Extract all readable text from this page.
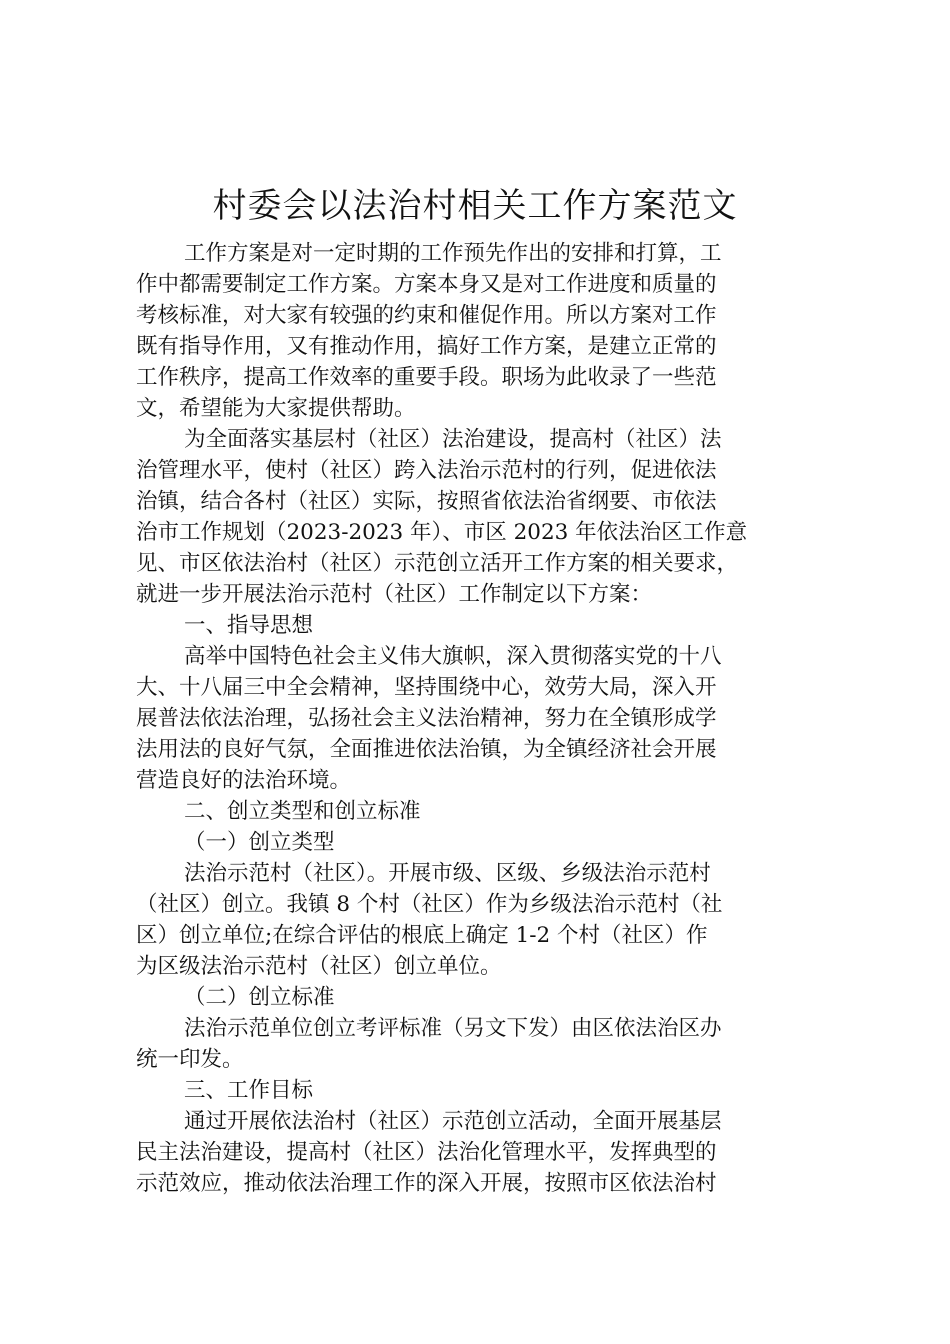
村委会以法治村相关工作方案范文

工作方案是对一定时期的工作预先作出的安排和打算，工

作中都需要制定工作方案。方案本身又是对工作进度和质量的

考核标准，对大家有较强的约束和催促作用。所以方案对工作

既有指导作用，又有推动作用，搞好工作方案，是建立正常的

工作秩序，提高工作效率的重要手段。职场为此收录了一些范

文，希望能为大家提供帮助。

为全面落实基层村（社区）法治建设，提高村（社区）法

治管理水平，使村（社区）跨入法治示范村的行列，促进依法

治镇，结合各村（社区）实际，按照省依法治省纲要、市依法

治市工作规划（2023-2023 年）、市区 2023 年依法治区工作意

见、市区依法治村（社区）示范创立活开工作方案的相关要求，

就进一步开展法治示范村（社区）工作制定以下方案：

一、指导思想

高举中国特色社会主义伟大旗帜，深入贯彻落实党的十八

大、十八届三中全会精神，坚持围绕中心，效劳大局，深入开

展普法依法治理，弘扬社会主义法治精神，努力在全镇形成学

法用法的良好气氛，全面推进依法治镇，为全镇经济社会开展

营造良好的法治环境。

二、创立类型和创立标准

（一）创立类型

法治示范村（社区）。开展市级、区级、乡级法治示范村

（社区）创立。我镇 8 个村（社区）作为乡级法治示范村（社

区）创立单位;在综合评估的根底上确定 1-2 个村（社区）作

为区级法治示范村（社区）创立单位。

（二）创立标准

法治示范单位创立考评标准（另文下发）由区依法治区办

统一印发。

三、工作目标

通过开展依法治村（社区）示范创立活动，全面开展基层

民主法治建设，提高村（社区）法治化管理水平，发挥典型的

示范效应，推动依法治理工作的深入开展，按照市区依法治村
